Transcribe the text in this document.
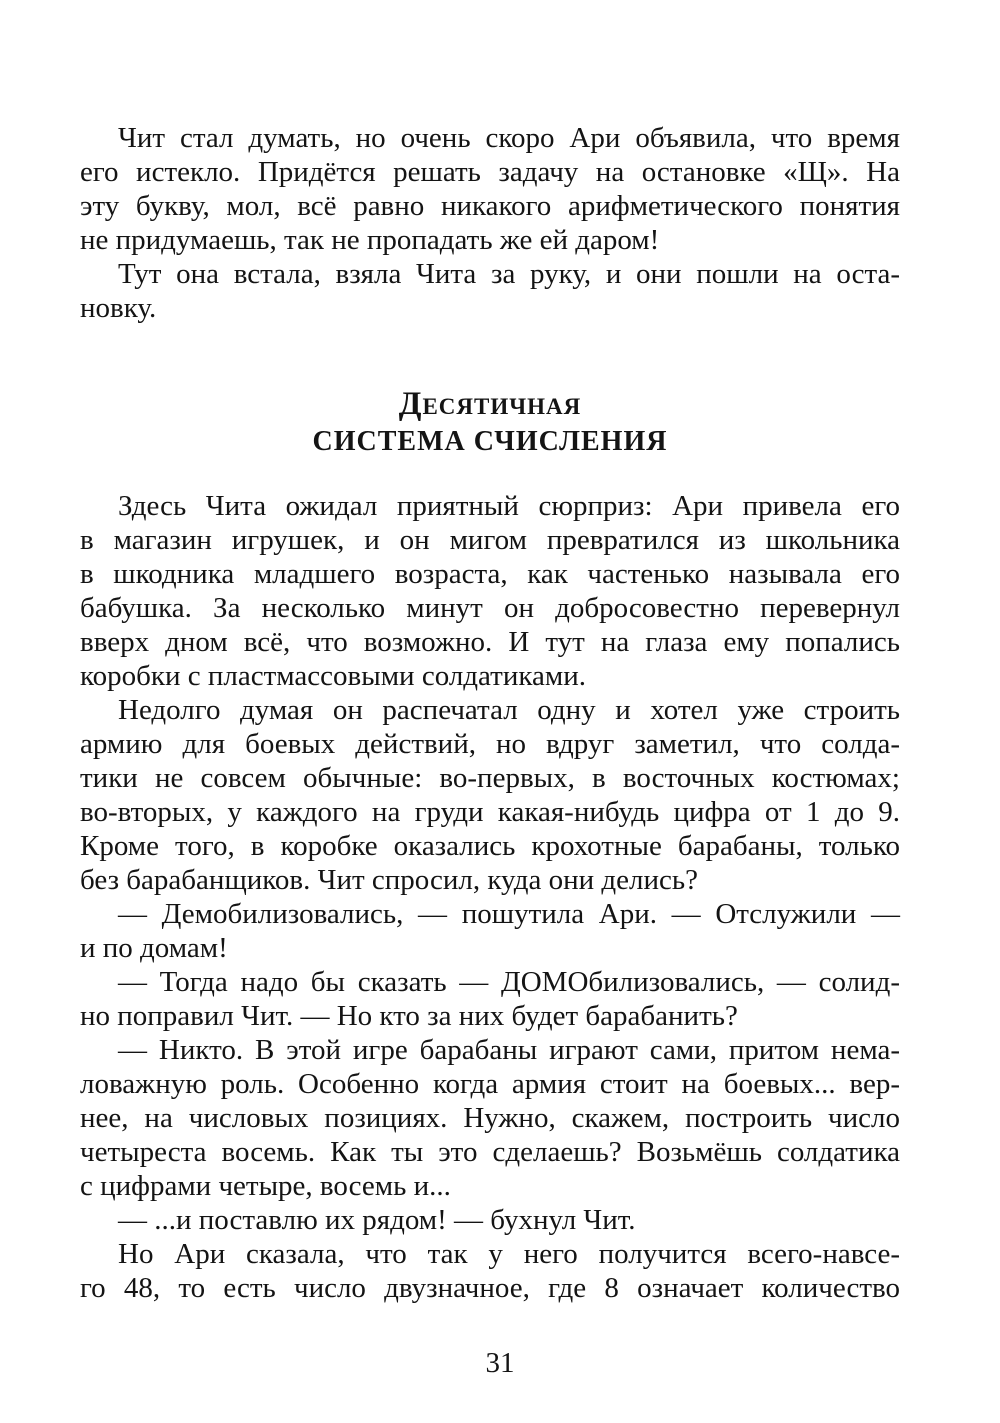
Чит стал думать, но очень скоро Ари объявила, что время
его истекло. Придётся решать задачу на остановке «Щ». На
эту букву, мол, всё равно никакого арифметического понятия
не придумаешь, так не пропадать же ей даром!
Тут она встала, взяла Чита за руку, и они пошли на оста-
новку.
Десятичная
СИСТЕМА СЧИСЛЕНИЯ
Здесь Чита ожидал приятный сюрприз: Ари привела его
в магазин игрушек, и он мигом превратился из школьника
в шкодника младшего возраста, как частенько называла его
бабушка. За несколько минут он добросовестно перевернул
вверх дном всё, что возможно. И тут на глаза ему попались
коробки с пластмассовыми солдатиками.
Недолго думая он распечатал одну и хотел уже строить
армию для боевых действий, но вдруг заметил, что солда-
тики не совсем обычные: во-первых, в восточных костюмах;
во-вторых, у каждого на груди какая-нибудь цифра от 1 до 9.
Кроме того, в коробке оказались крохотные барабаны, только
без барабанщиков. Чит спросил, куда они делись?
— Демобилизовались, — пошутила Ари. — Отслужили —
и по домам!
— Тогда надо бы сказать — ДОМОбилизовались, — солид-
но поправил Чит. — Но кто за них будет барабанить?
— Никто. В этой игре барабаны играют сами, притом нема-
ловажную роль. Особенно когда армия стоит на боевых... вер-
нее, на числовых позициях. Нужно, скажем, построить число
четыреста восемь. Как ты это сделаешь? Возьмёшь солдатика
с цифрами четыре, восемь и...
— ...и поставлю их рядом! — бухнул Чит.
Но Ари сказала, что так у него получится всего-навсе-
го 48, то есть число двузначное, где 8 означает количество
31
